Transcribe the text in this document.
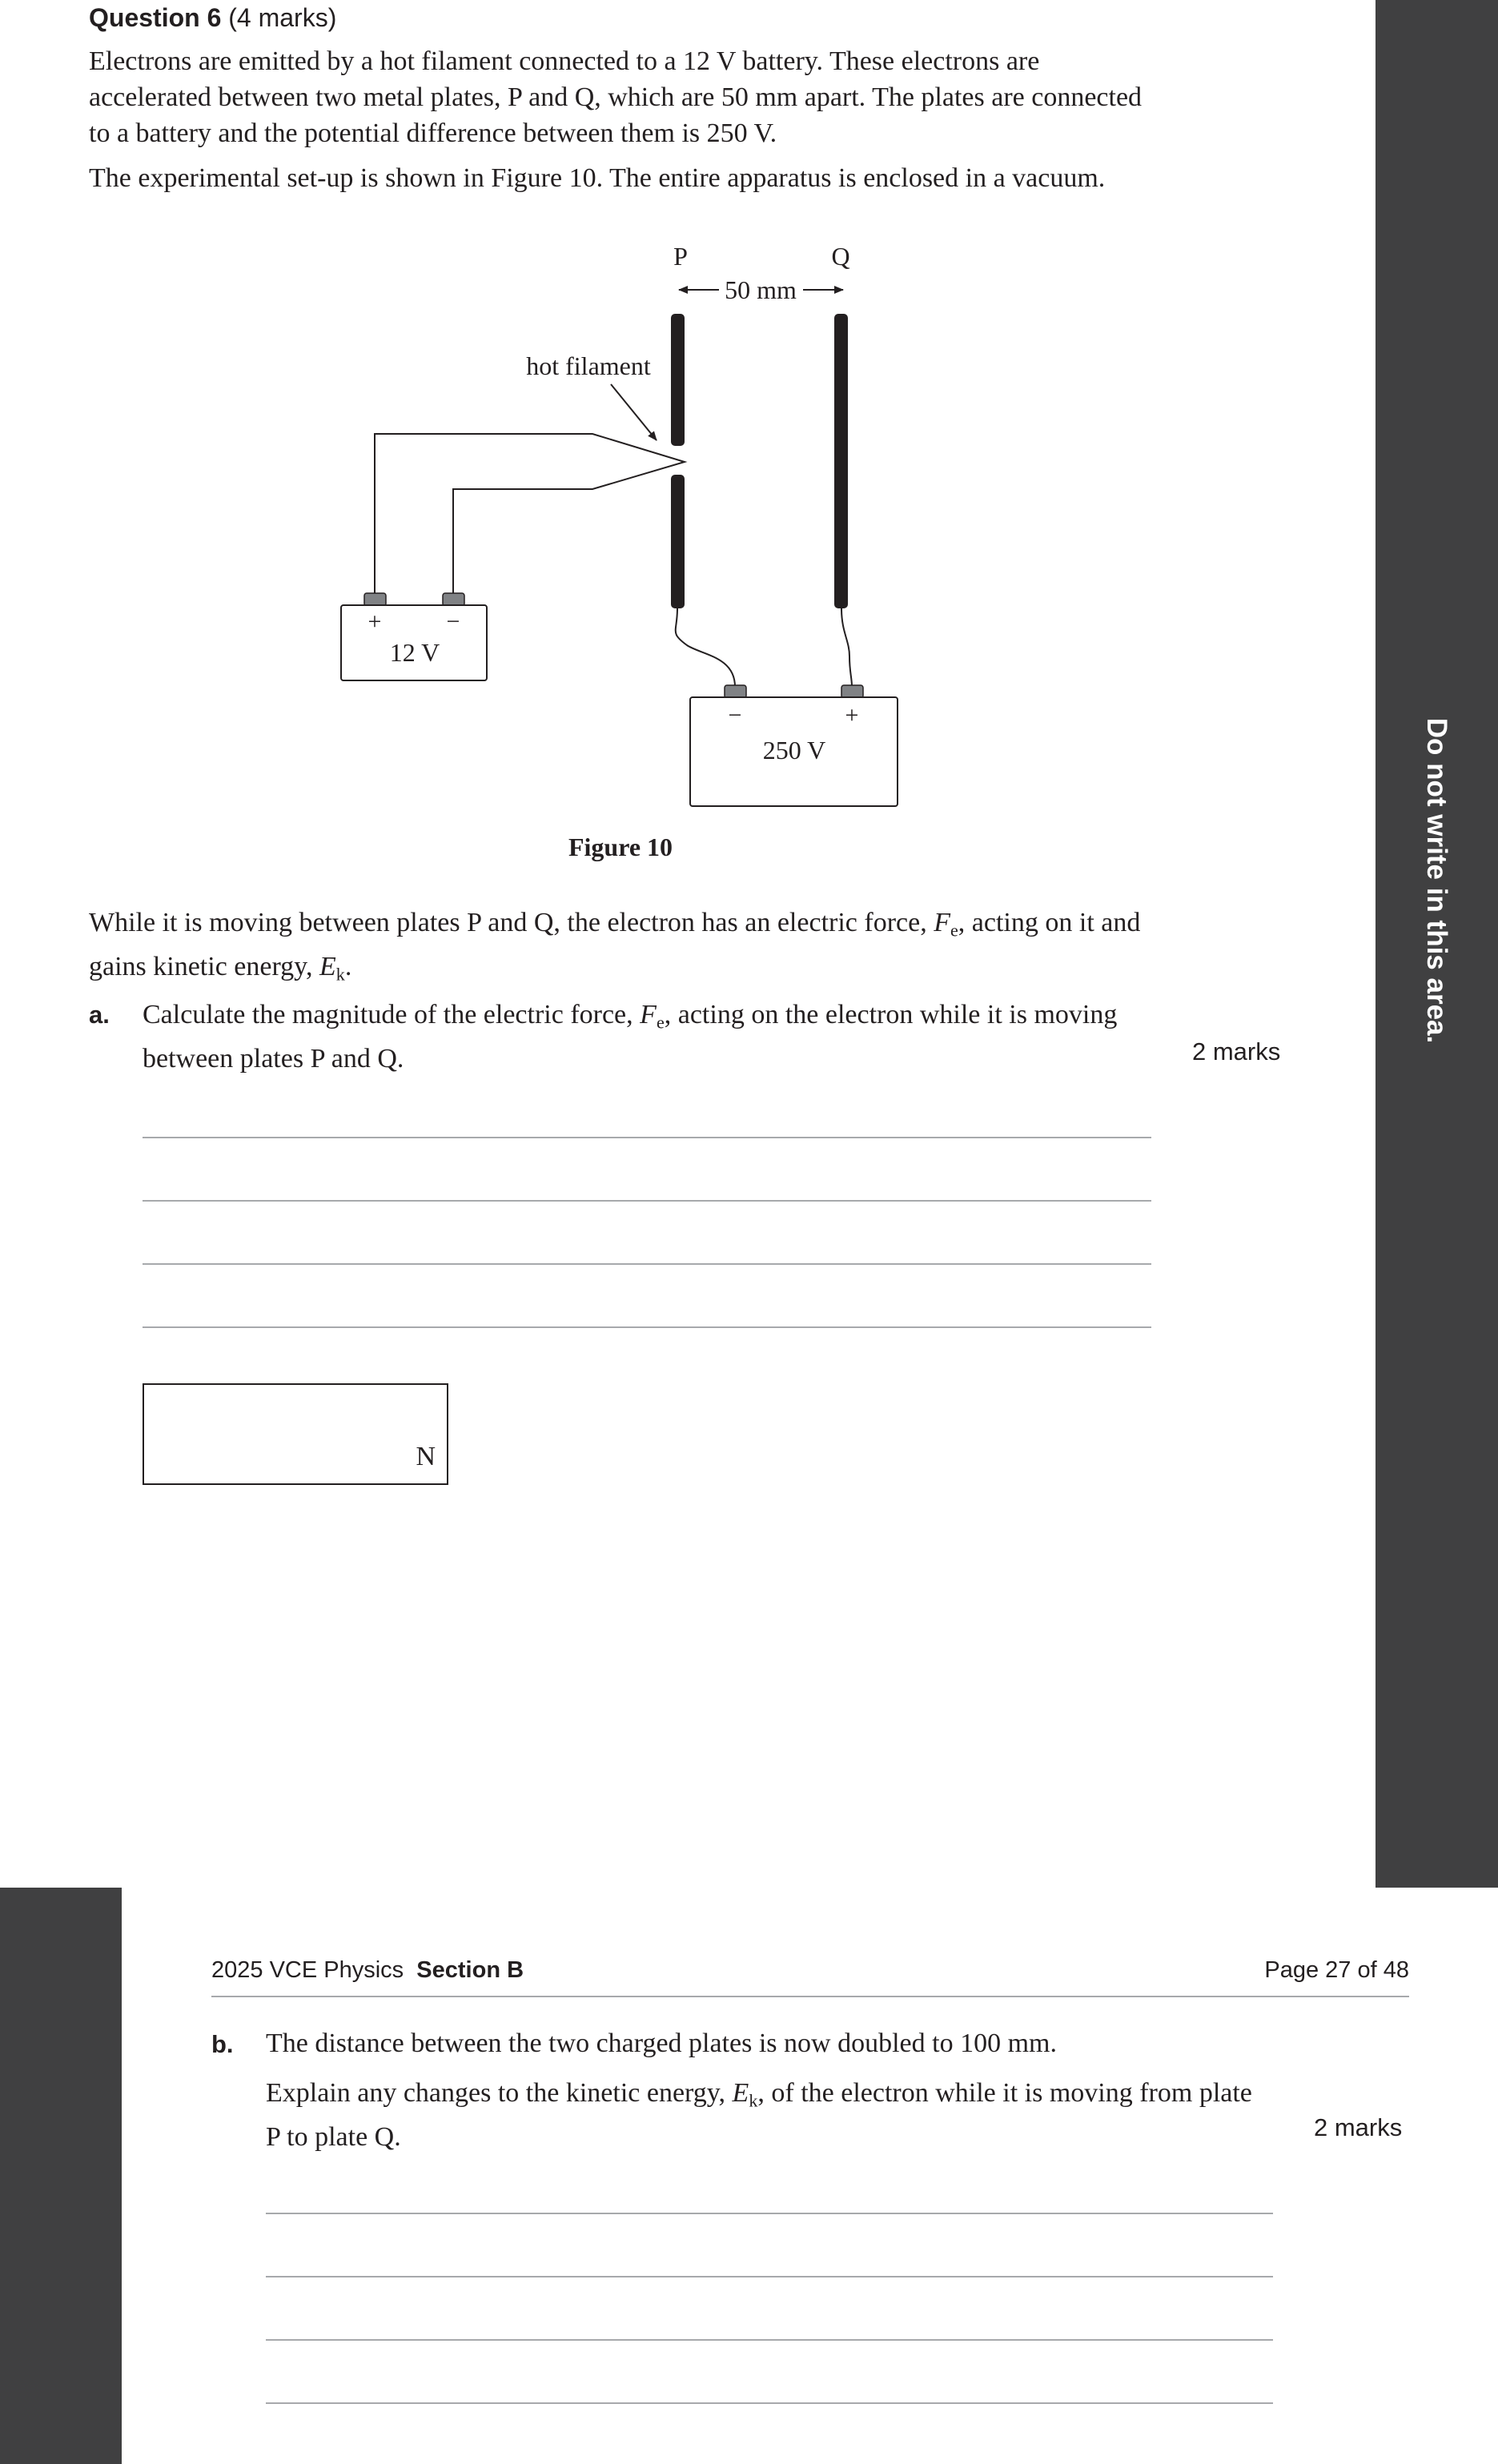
Do not write in this area.
Question 6 (4 marks)

Electrons are emitted by a hot filament connected to a 12 V battery. These electrons are accelerated between two metal plates, P and Q, which are 50 mm apart. The plates are connected to a battery and the potential difference between them is 250 V.

The experimental set-up is shown in Figure 10. The entire apparatus is enclosed in a vacuum.

P	Q
50 mm
hot filament
+	−
12 V
−	+
250 V
Figure 10
While it is moving between plates P and Q, the electron has an electric force, $F_e$, acting on it and gains kinetic energy, $E_k$.
a. Calculate the magnitude of the electric force, $F_e$, acting on the electron while it is moving between plates P and Q.	2 marks
N
2025 VCE Physics Section B	Page 27 of 48
b. The distance between the two charged plates is now doubled to 100 mm.

Explain any changes to the kinetic energy, $E_k$, of the electron while it is moving from plate P to plate Q.	2 marks
